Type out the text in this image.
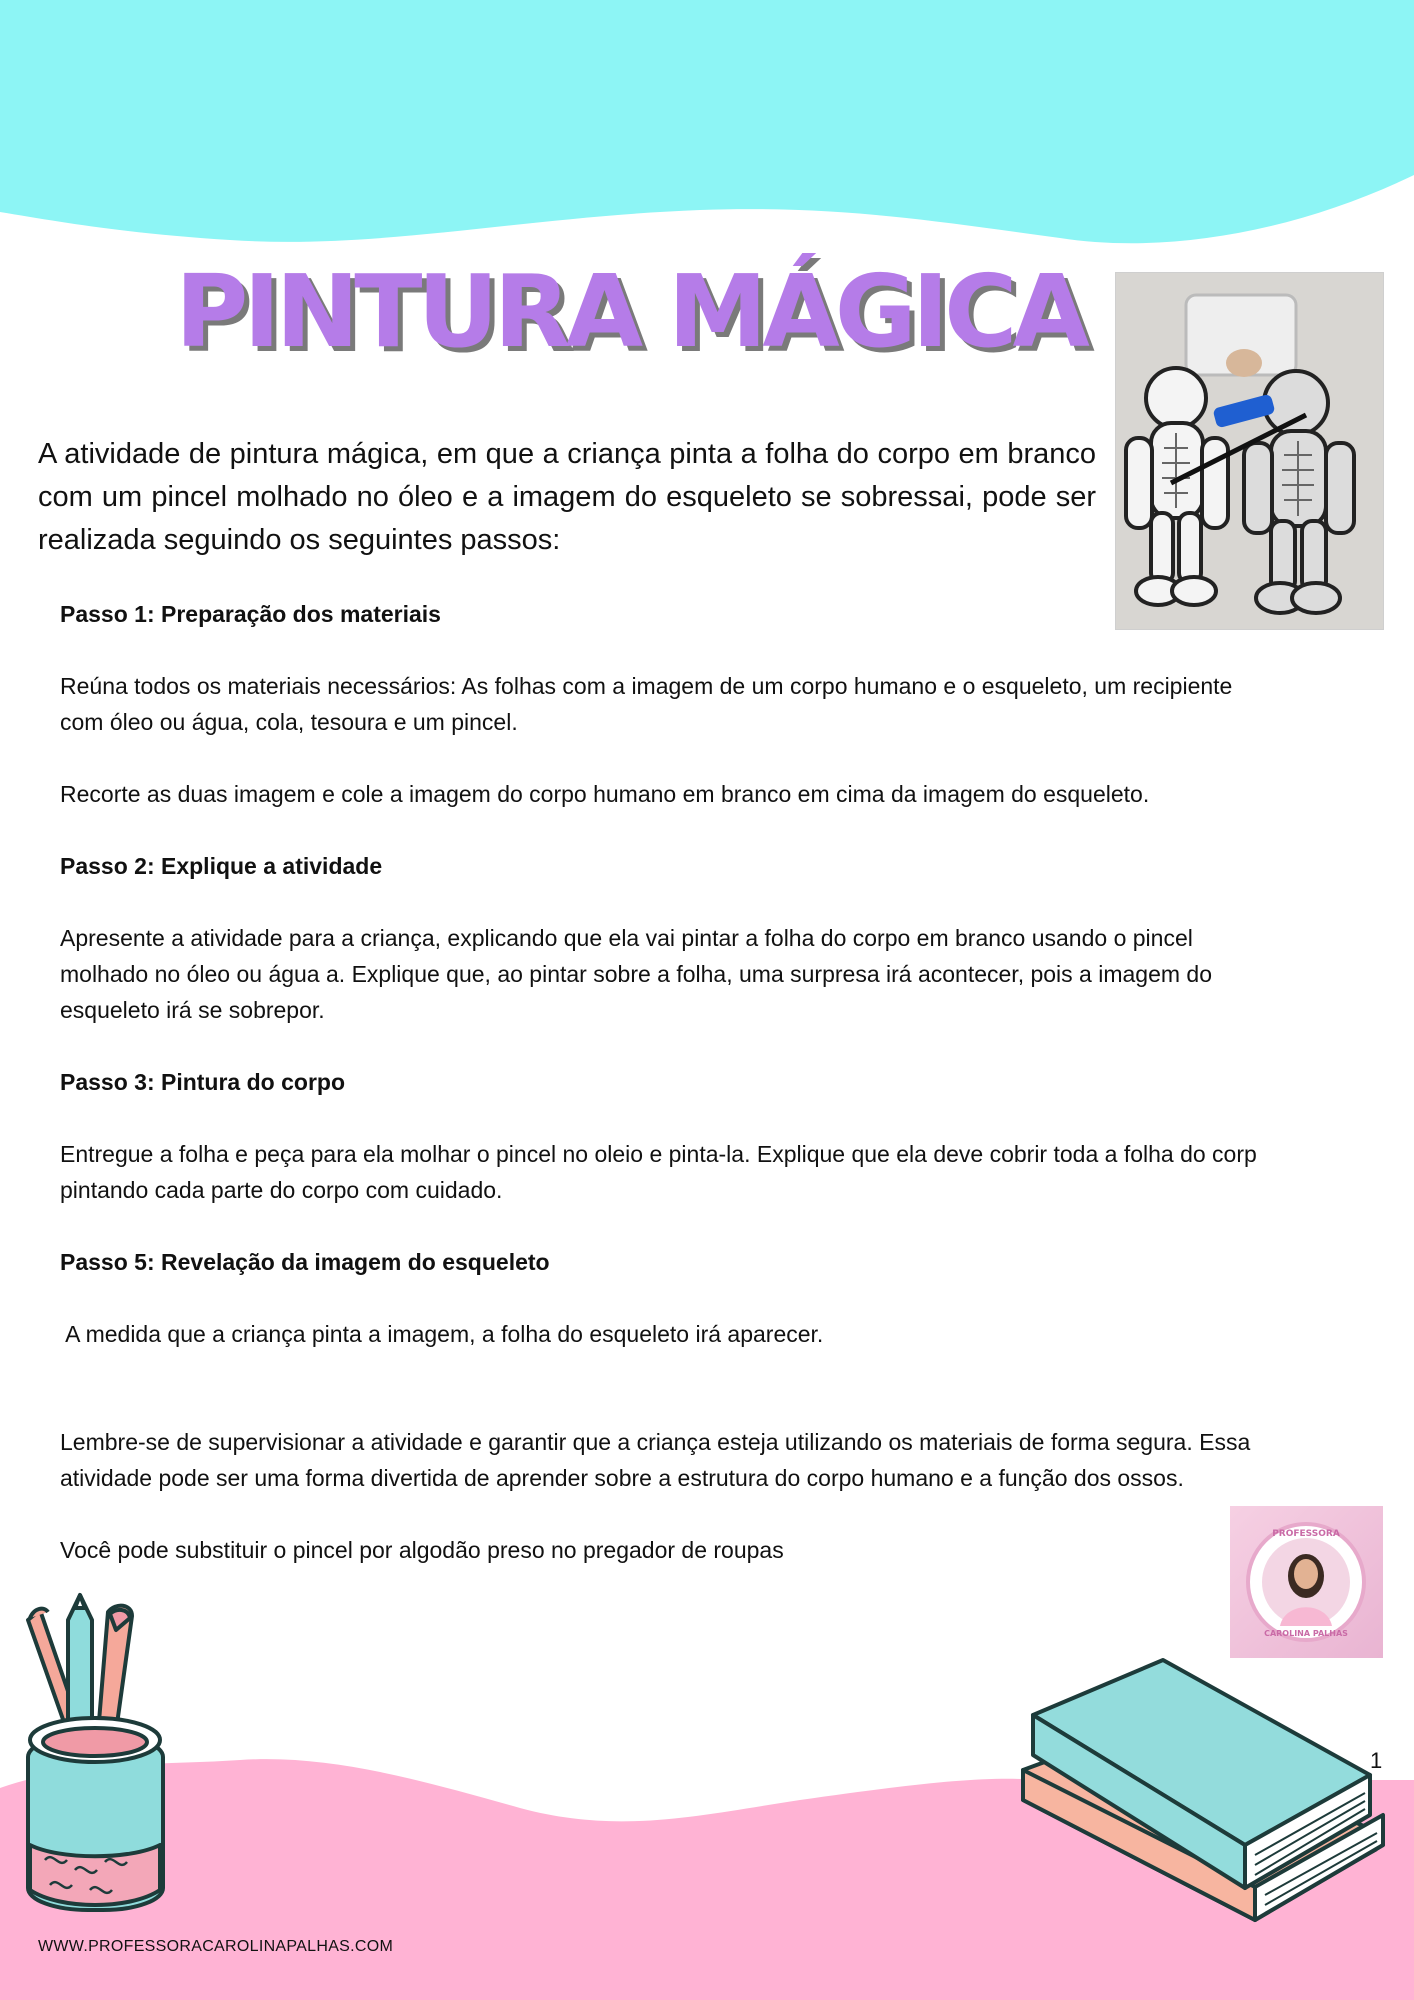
PINTURA MÁGICA

A atividade de pintura mágica, em que a criança pinta a folha do corpo em branco com um pincel molhado no óleo e a imagem do esqueleto se sobressai, pode ser realizada seguindo os seguintes passos:

Passo 1: Preparação dos materiais

Reúna todos os materiais necessários: As folhas com a imagem de um corpo humano e o esqueleto, um recipiente

com óleo ou água, cola, tesoura e um pincel.

Recorte as duas imagem e cole a imagem do corpo humano em branco em cima da imagem do esqueleto.

Passo 2: Explique a atividade

Apresente a atividade para a criança, explicando que ela vai pintar a folha do corpo em branco usando o pincel

molhado no óleo ou água a. Explique que, ao pintar sobre a folha, uma surpresa irá acontecer, pois a imagem do

esqueleto irá se sobrepor.

Passo 3: Pintura do corpo

Entregue a folha e peça para ela molhar o pincel no oleio e pinta-la. Explique que ela deve cobrir toda a folha do corp

pintando cada parte do corpo com cuidado.

Passo 5: Revelação da imagem do esqueleto

A medida que a criança pinta a imagem, a folha do esqueleto irá aparecer.

Lembre-se de supervisionar a atividade e garantir que a criança esteja utilizando os materiais de forma segura. Essa

atividade pode ser uma forma divertida de aprender sobre a estrutura do corpo humano e a função dos ossos.

Você pode substituir o pincel por algodão preso no pregador de roupas

PROFESSORA
CAROLINA PALHAS
1
WWW.PROFESSORACAROLINAPALHAS.COM
